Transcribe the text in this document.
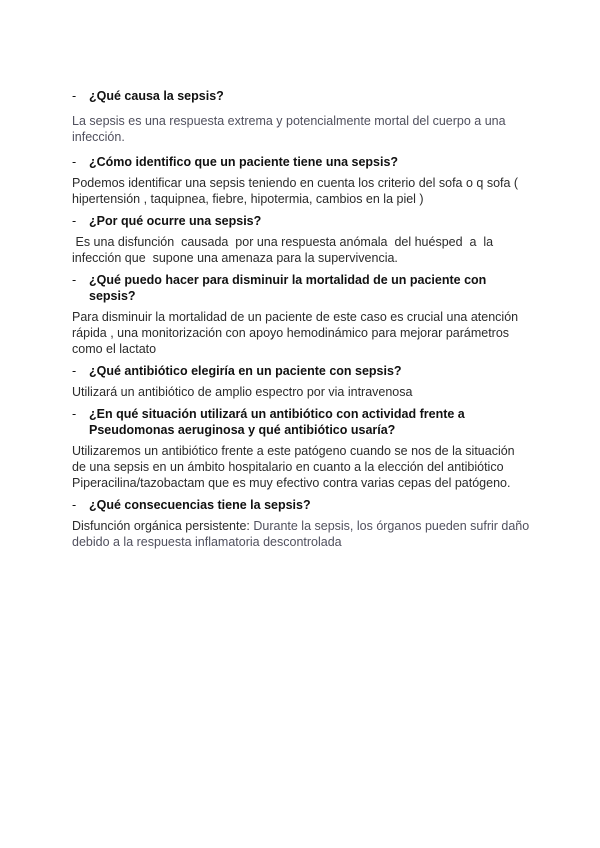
-	¿Qué causa la sepsis?
La sepsis es una respuesta extrema y potencialmente mortal del cuerpo a una infección.
-	¿Cómo identifico que un paciente tiene una sepsis?
Podemos identificar una sepsis teniendo en cuenta los criterio del sofa o q sofa ( hipertensión , taquipnea, fiebre, hipotermia, cambios en la piel )
-	¿Por qué ocurre una sepsis?
Es una disfunción  causada  por una respuesta anómala  del huésped  a  la infección que  supone una amenaza para la supervivencia.
-	¿Qué puedo hacer para disminuir la mortalidad de un paciente con sepsis?
Para disminuir la mortalidad de un paciente de este caso es crucial una atención rápida , una monitorización con apoyo hemodinámico para mejorar parámetros como el lactato
-	¿Qué antibiótico elegiría en un paciente con sepsis?
Utilizará un antibiótico de amplio espectro por via intravenosa
-	¿En qué situación utilizará un antibiótico con actividad frente a Pseudomonas aeruginosa y qué antibiótico usaría?
Utilizaremos un antibiótico frente a este patógeno cuando se nos de la situación de una sepsis en un ámbito hospitalario en cuanto a la elección del antibiótico Piperacilina/tazobactam que es muy efectivo contra varias cepas del patógeno.
-	¿Qué consecuencias tiene la sepsis?
Disfunción orgánica persistente: Durante la sepsis, los órganos pueden sufrir daño debido a la respuesta inflamatoria descontrolada
